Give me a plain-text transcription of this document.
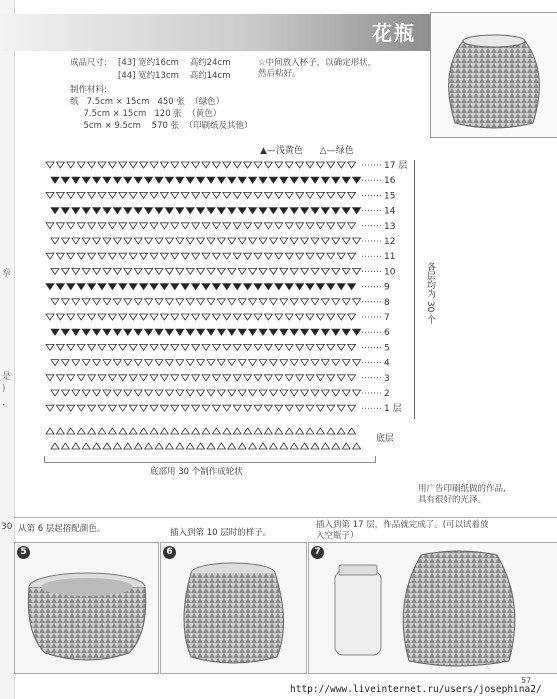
拳
是
)
.
30
花瓶
成品尺寸: [43] 宽约16cm    高约24cm
[44] 宽约13cm    高约14cm
制作材料:
纸   7.5cm × 15cm   450 张  （绿色）
7.5cm × 15cm   120 张  （黄色）
5cm × 9.5cm    570 张  （印刷纸及其他）
☆中间放入杯子，以确定形状，
然后粘好。
▲—浅黄色 △—绿色
17 层
16
15
14
13
12
11
10
9
8
7
6
5
4
3
2
1 层
各层均为 30 个
底层
底部用 30 个制作成轮状
用广告印刷纸做的作品,
具有很好的光泽。
从第 6 层起搭配颜色。	插入到第 10 层时的样子。
插入到第 17 层，作品就完成了。(可以试着放
入空瓶子）
5	6	7
57
http://www.liveinternet.ru/users/josephina2/
